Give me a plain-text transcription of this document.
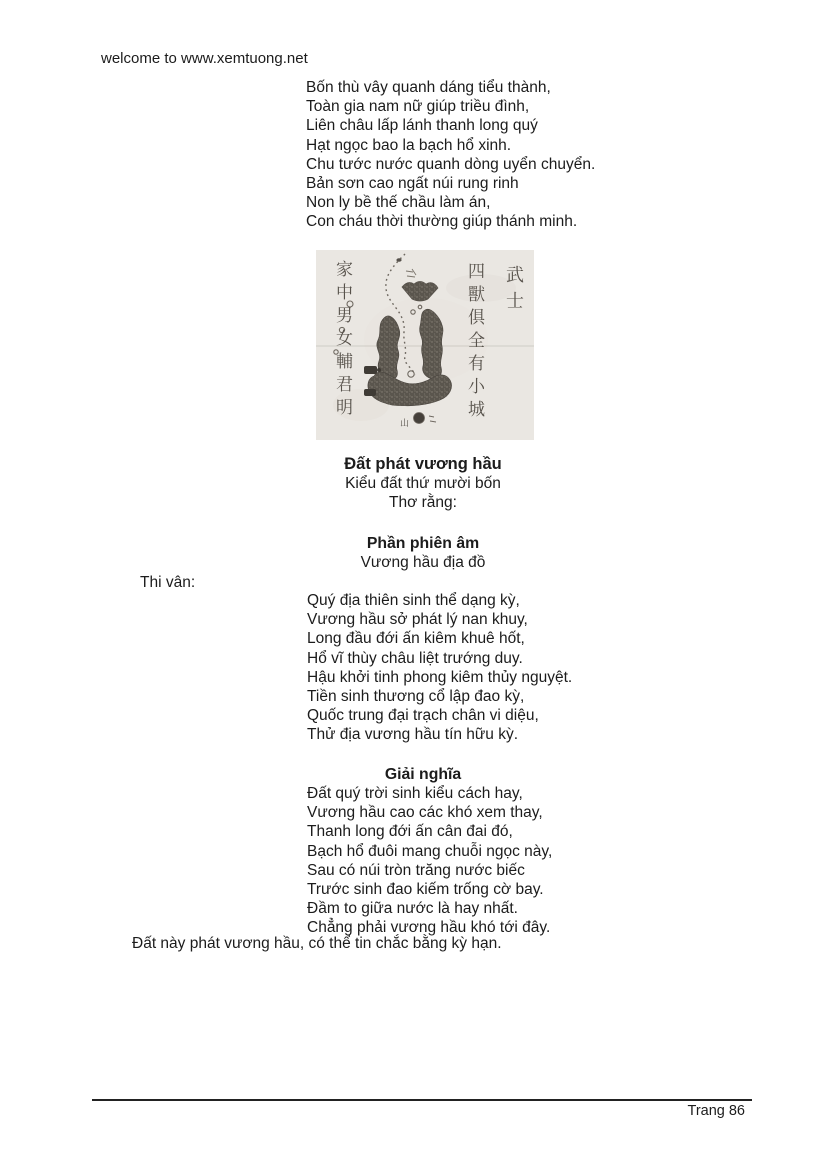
welcome to www.xemtuong.net
Bốn thù vây quanh dáng tiểu thành,
Toàn gia nam nữ giúp triều đình,
Liên châu lấp lánh thanh long quý
Hạt ngọc bao la bạch hổ xinh.
Chu tước nước quanh dòng uyển chuyển.
Bản sơn cao ngất núi rung rinh
Non ly bề thế chầu làm án,
Con cháu thời thường giúp thánh minh.
山
家中男女輔君明	四獸俱全有小城 武士
Đất phát vương hầu
Kiểu đất thứ mười bốn
Thơ rằng:
Phần phiên âm
Vương hầu địa đồ
Thi vân:
Quý địa thiên sinh thể dạng kỳ,
Vương hầu sở phát lý nan khuy,
Long đầu đới ấn kiêm khuê hốt,
Hổ vĩ thùy châu liệt trướng duy.
Hậu khởi tinh phong kiêm thủy nguyệt.
Tiền sinh thương cổ lập đao kỳ,
Quốc trung đại trạch chân vi diệu,
Thử địa vương hầu tín hữu kỳ.
Giải nghĩa
Đất quý trời sinh kiểu cách hay,
Vương hầu cao các khó xem thay,
Thanh long đới ấn cân đai đó,
Bạch hổ đuôi mang chuỗi ngọc này,
Sau có núi tròn trăng nước biếc
Trước sinh đao kiếm trống cờ bay.
Đầm to giữa nước là hay nhất.
Chẳng phải vương hầu khó tới đây.
Đất này phát vương hầu, có thể tin chắc bằng kỳ hạn.
Trang 86
